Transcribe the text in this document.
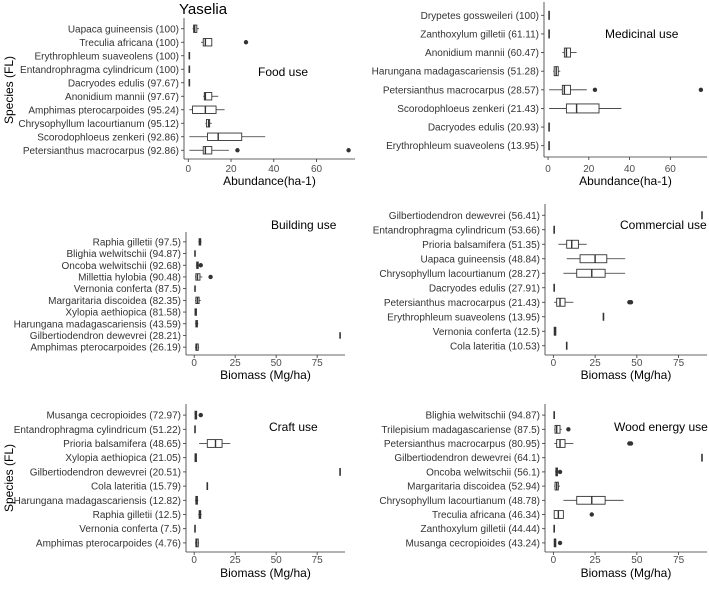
Yaselia
Uapaca guineensis (100)
Treculia africana (100)
Erythrophleum suaveolens (100)
Entandrophragma cylindricum (100)
Dacryodes edulis (97.67)
Anonidium mannii (97.67)
Amphimas pterocarpoides (95.24)
Chrysophyllum lacourtianum (95.12)
Scorodophloeus zenkeri (92.86)
Petersianthus macrocarpus (92.86)
0	20	40	60
Abundance(ha-1)
Species (FL)	Food use
Drypetes gossweileri (100)
Zanthoxylum gilletii (61.11)
Anonidium mannii (60.47)
Harungana madagascariensis (51.28)
Petersianthus macrocarpus (28.57)
Scorodophloeus zenkeri (21.43)
Dacryodes edulis (20.93)
Erythrophleum suaveolens (13.95)
0	20	40	60
Abundance(ha-1)
Medicinal use
Raphia gilletii (97.5)
Blighia welwitschii (94.87)
Oncoba welwitschii (92.68)
Millettia hylobia (90.48)
Vernonia conferta (87.5)
Margaritaria discoidea (82.35)
Xylopia aethiopica (81.58)
Harungana madagascariensis (43.59)
Gilbertiodendron dewevrei (28.21)
Amphimas pterocarpoides (26.19)
0	25	50	75
Biomass (Mg/ha)
Building use
Gilbertiodendron dewevrei (56.41)
Entandrophragma cylindricum (53.66)
Prioria balsamifera (51.35)
Uapaca guineensis (48.84)
Chrysophyllum lacourtianum (28.27)
Dacryodes edulis (27.91)
Petersianthus macrocarpus (21.43)
Erythrophleum suaveolens (13.95)
Vernonia conferta (12.5)
Cola lateritia (10.53)
0	25	50	75
Biomass (Mg/ha)
Commercial use
Musanga cecropioides (72.97)
Entandrophragma cylindricum (51.22)
Prioria balsamifera (48.65)
Xylopia aethiopica (21.05)
Gilbertiodendron dewevrei (20.51)
Cola lateritia (15.79)
Harungana madagascariensis (12.82)
Raphia gilletii (12.5)
Vernonia conferta (7.5)
Amphimas pterocarpoides (4.76)
0	25	50	75
Biomass (Mg/ha)
Species (FL)
Craft use
Blighia welwitschii (94.87)
Trilepisium madagascariense (87.5)
Petersianthus macrocarpus (80.95)
Gilbertiodendron dewevrei (64.1)
Oncoba welwitschii (56.1)
Margaritaria discoidea (52.94)
Chrysophyllum lacourtianum (48.78)
Treculia africana (46.34)
Zanthoxylum gilletii (44.44)
Musanga cecropioides (43.24)
0	25	50	75
Biomass (Mg/ha)
Wood energy use
